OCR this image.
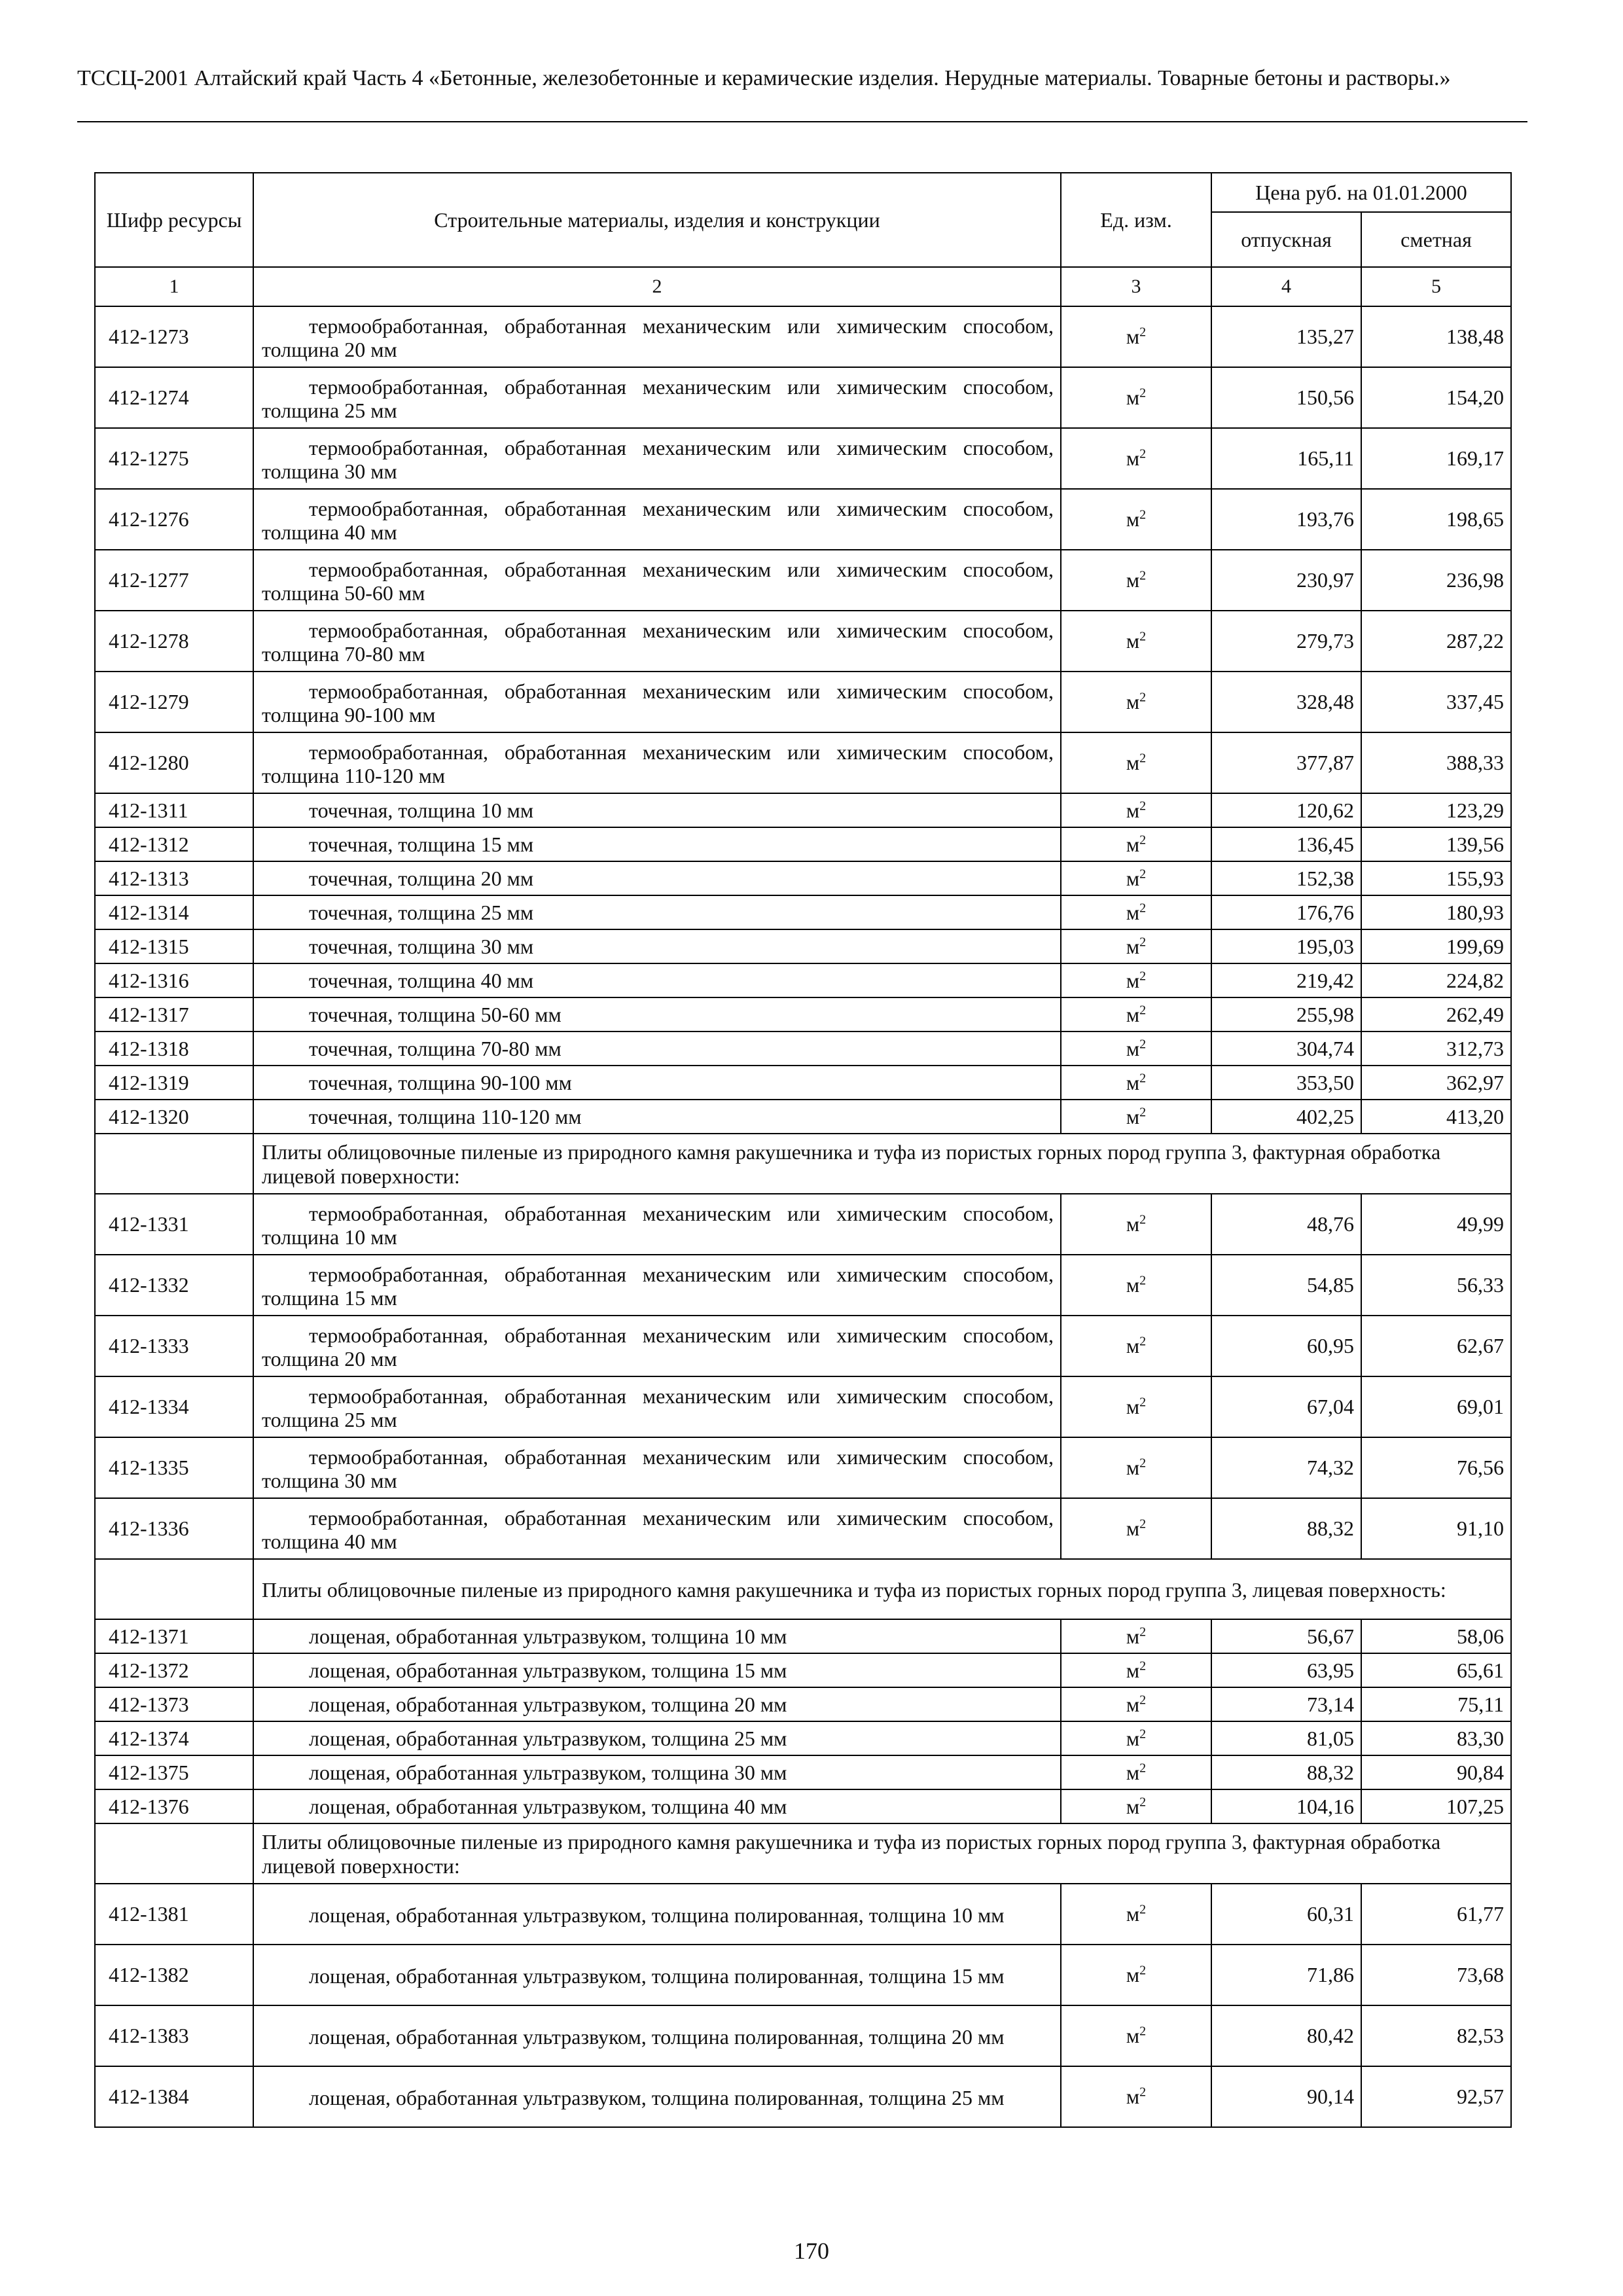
ТССЦ-2001 Алтайский край Часть 4 «Бетонные, железобетонные и керамические изделия. Нерудные материалы. Товарные бетоны и растворы.»
Шифр ресурсы	Строительные материалы, изделия и конструкции	Ед. изм.	Цена руб. на 01.01.2000	
			отпускная	сметная
1	2	3	4	5
412-1273	термообработанная, обработанная механическим или химическим способом, толщина 20 мм	$м^2$	135,27	138,48
412-1274	термообработанная, обработанная механическим или химическим способом, толщина 25 мм	$м^2$	150,56	154,20
412-1275	термообработанная, обработанная механическим или химическим способом, толщина 30 мм	$м^2$	165,11	169,17
412-1276	термообработанная, обработанная механическим или химическим способом, толщина 40 мм	$м^2$	193,76	198,65
412-1277	термообработанная, обработанная механическим или химическим способом, толщина 50-60 мм	$м^2$	230,97	236,98
412-1278	термообработанная, обработанная механическим или химическим способом, толщина 70-80 мм	$м^2$	279,73	287,22
412-1279	термообработанная, обработанная механическим или химическим способом, толщина 90-100 мм	$м^2$	328,48	337,45
412-1280	термообработанная, обработанная механическим или химическим способом, толщина 110-120 мм	$м^2$	377,87	388,33
412-1311	точечная, толщина 10 мм	$м^2$	120,62	123,29
412-1312	точечная, толщина 15 мм	$м^2$	136,45	139,56
412-1313	точечная, толщина 20 мм	$м^2$	152,38	155,93
412-1314	точечная, толщина 25 мм	$м^2$	176,76	180,93
412-1315	точечная, толщина 30 мм	$м^2$	195,03	199,69
412-1316	точечная, толщина 40 мм	$м^2$	219,42	224,82
412-1317	точечная, толщина 50-60 мм	$м^2$	255,98	262,49
412-1318	точечная, толщина 70-80 мм	$м^2$	304,74	312,73
412-1319	точечная, толщина 90-100 мм	$м^2$	353,50	362,97
412-1320	точечная, толщина 110-120 мм	$м^2$	402,25	413,20
	Плиты облицовочные пиленые из природного камня ракушечника и туфа из пористых горных пород группа 3, фактурная обработка лицевой поверхности:			
412-1331	термообработанная, обработанная механическим или химическим способом, толщина 10 мм	$м^2$	48,76	49,99
412-1332	термообработанная, обработанная механическим или химическим способом, толщина 15 мм	$м^2$	54,85	56,33
412-1333	термообработанная, обработанная механическим или химическим способом, толщина 20 мм	$м^2$	60,95	62,67
412-1334	термообработанная, обработанная механическим или химическим способом, толщина 25 мм	$м^2$	67,04	69,01
412-1335	термообработанная, обработанная механическим или химическим способом, толщина 30 мм	$м^2$	74,32	76,56
412-1336	термообработанная, обработанная механическим или химическим способом, толщина 40 мм	$м^2$	88,32	91,10
	Плиты облицовочные пиленые из природного камня ракушечника и туфа из пористых горных пород группа 3, лицевая поверхность:			
412-1371	лощеная, обработанная ультразвуком, толщина 10 мм	$м^2$	56,67	58,06
412-1372	лощеная, обработанная ультразвуком, толщина 15 мм	$м^2$	63,95	65,61
412-1373	лощеная, обработанная ультразвуком, толщина 20 мм	$м^2$	73,14	75,11
412-1374	лощеная, обработанная ультразвуком, толщина 25 мм	$м^2$	81,05	83,30
412-1375	лощеная, обработанная ультразвуком, толщина 30 мм	$м^2$	88,32	90,84
412-1376	лощеная, обработанная ультразвуком, толщина 40 мм	$м^2$	104,16	107,25
	Плиты облицовочные пиленые из природного камня ракушечника и туфа из пористых горных пород группа 3, фактурная обработка лицевой поверхности:			
412-1381	лощеная, обработанная ультразвуком, толщина полированная, толщина 10 мм	$м^2$	60,31	61,77
412-1382	лощеная, обработанная ультразвуком, толщина полированная, толщина 15 мм	$м^2$	71,86	73,68
412-1383	лощеная, обработанная ультразвуком, толщина полированная, толщина 20 мм	$м^2$	80,42	82,53
412-1384	лощеная, обработанная ультразвуком, толщина полированная, толщина 25 мм	$м^2$	90,14	92,57
170
